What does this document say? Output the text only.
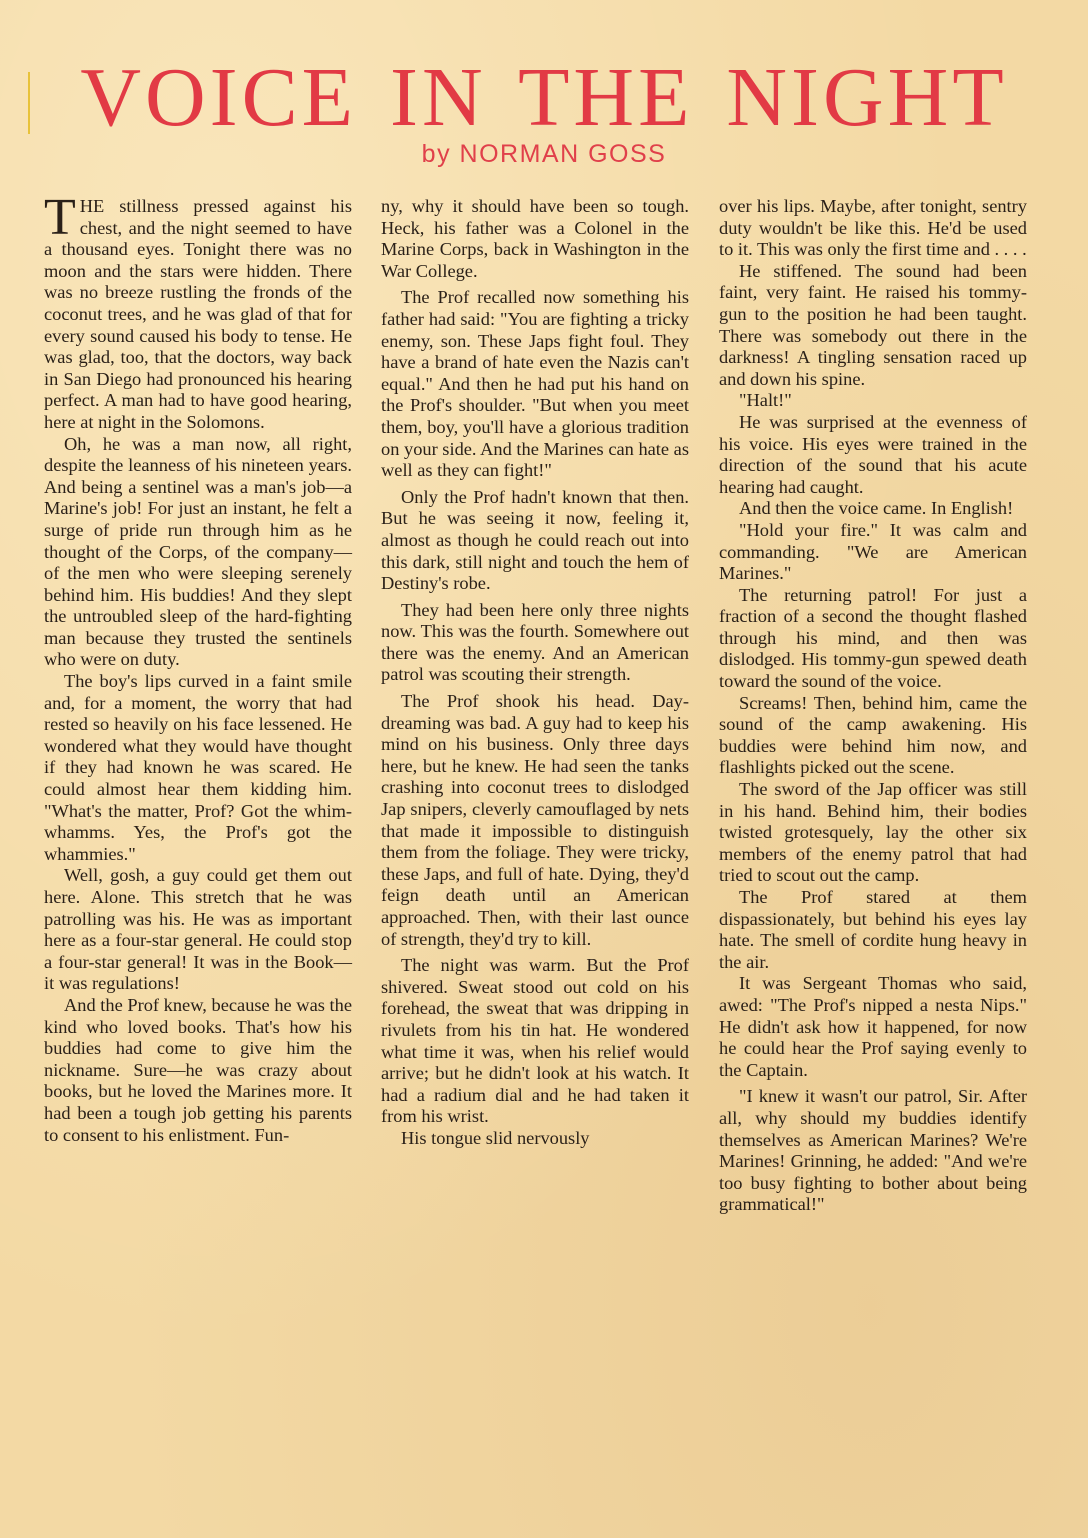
VOICE IN THE NIGHT
by NORMAN GOSS

THE stillness pressed against his chest, and the night seemed to have a thousand eyes. Tonight there was no moon and the stars were hidden. There was no breeze rustling the fronds of the coconut trees, and he was glad of that for every sound caused his body to tense. He was glad, too, that the doctors, way back in San Diego had pronounced his hearing perfect. A man had to have good hearing, here at night in the Solomons.

Oh, he was a man now, all right, despite the leanness of his nineteen years. And being a sentinel was a man's job—a Marine's job! For just an instant, he felt a surge of pride run through him as he thought of the Corps, of the company—of the men who were sleeping serenely behind him. His buddies! And they slept the untroubled sleep of the hard-fighting man because they trusted the sentinels who were on duty.

The boy's lips curved in a faint smile and, for a moment, the worry that had rested so heavily on his face lessened. He wondered what they would have thought if they had known he was scared. He could almost hear them kidding him. "What's the matter, Prof? Got the whim-whamms. Yes, the Prof's got the whammies."

Well, gosh, a guy could get them out here. Alone. This stretch that he was patrolling was his. He was as important here as a four-star general. He could stop a four-star general! It was in the Book—it was regulations!

And the Prof knew, because he was the kind who loved books. That's how his buddies had come to give him the nickname. Sure—he was crazy about books, but he loved the Marines more. It had been a tough job getting his parents to consent to his enlistment. Fun-

ny, why it should have been so tough. Heck, his father was a Colonel in the Marine Corps, back in Washington in the War College.

The Prof recalled now something his father had said: "You are fighting a tricky enemy, son. These Japs fight foul. They have a brand of hate even the Nazis can't equal." And then he had put his hand on the Prof's shoulder. "But when you meet them, boy, you'll have a glorious tradition on your side. And the Marines can hate as well as they can fight!"

Only the Prof hadn't known that then. But he was seeing it now, feeling it, almost as though he could reach out into this dark, still night and touch the hem of Destiny's robe.

They had been here only three nights now. This was the fourth. Somewhere out there was the enemy. And an American patrol was scouting their strength.

The Prof shook his head. Day-dreaming was bad. A guy had to keep his mind on his business. Only three days here, but he knew. He had seen the tanks crashing into coconut trees to dislodged Jap snipers, cleverly camouflaged by nets that made it impossible to distinguish them from the foliage. They were tricky, these Japs, and full of hate. Dying, they'd feign death until an American approached. Then, with their last ounce of strength, they'd try to kill.

The night was warm. But the Prof shivered. Sweat stood out cold on his forehead, the sweat that was dripping in rivulets from his tin hat. He wondered what time it was, when his relief would arrive; but he didn't look at his watch. It had a radium dial and he had taken it from his wrist.

His tongue slid nervously

over his lips. Maybe, after tonight, sentry duty wouldn't be like this. He'd be used to it. This was only the first time and . . . .

He stiffened. The sound had been faint, very faint. He raised his tommy-gun to the position he had been taught. There was somebody out there in the darkness! A tingling sensation raced up and down his spine.

"Halt!"

He was surprised at the evenness of his voice. His eyes were trained in the direction of the sound that his acute hearing had caught.

And then the voice came. In English!

"Hold your fire." It was calm and commanding. "We are American Marines."

The returning patrol! For just a fraction of a second the thought flashed through his mind, and then was dislodged. His tommy-gun spewed death toward the sound of the voice.

Screams! Then, behind him, came the sound of the camp awakening. His buddies were behind him now, and flashlights picked out the scene.

The sword of the Jap officer was still in his hand. Behind him, their bodies twisted grotesquely, lay the other six members of the enemy patrol that had tried to scout out the camp.

The Prof stared at them dispassionately, but behind his eyes lay hate. The smell of cordite hung heavy in the air.

It was Sergeant Thomas who said, awed: "The Prof's nipped a nesta Nips." He didn't ask how it happened, for now he could hear the Prof saying evenly to the Captain.

"I knew it wasn't our patrol, Sir. After all, why should my buddies identify themselves as American Marines? We're Marines! Grinning, he added: "And we're too busy fighting to bother about being grammatical!"
